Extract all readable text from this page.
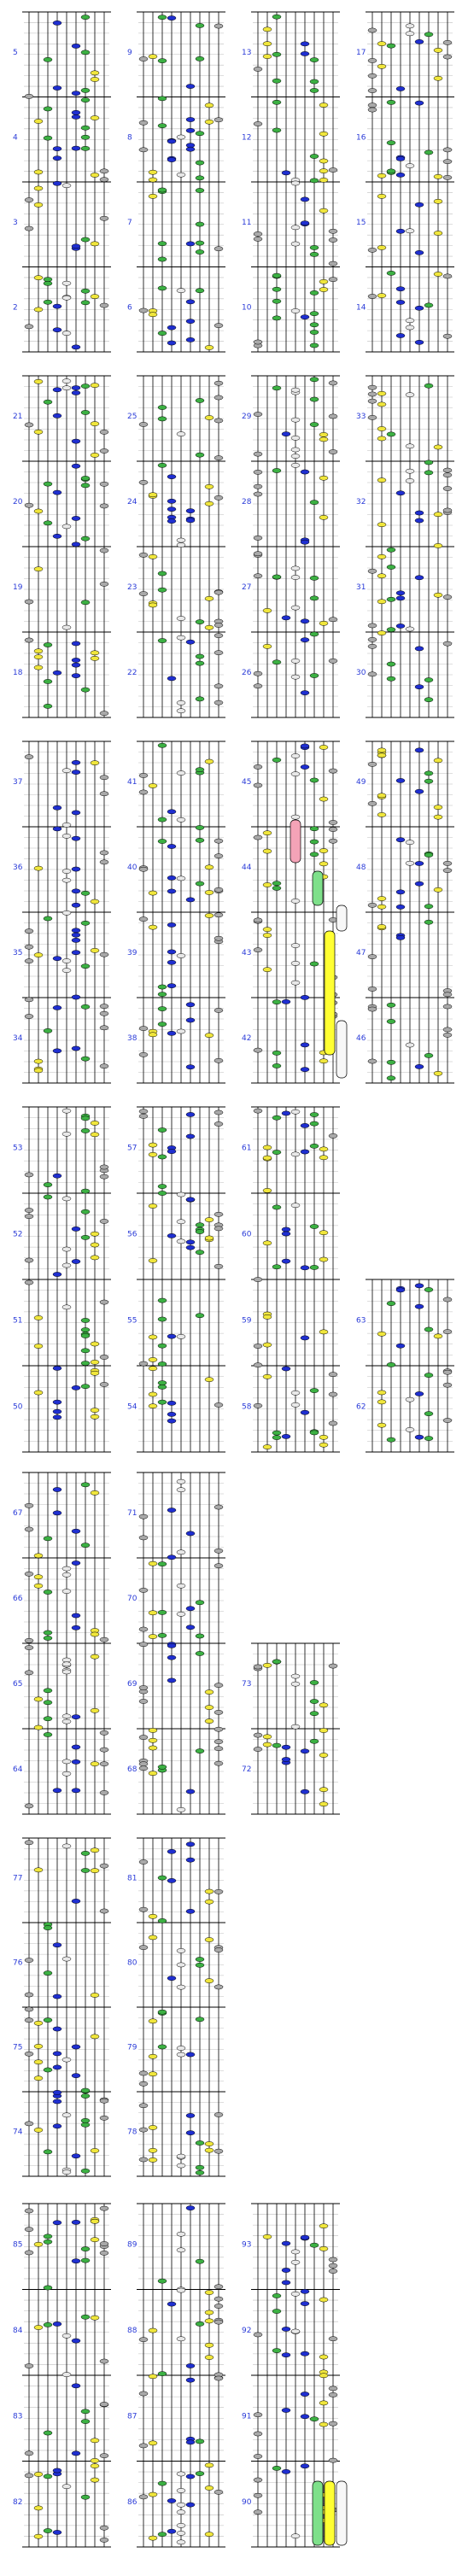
2
3
4
5
6
7
8
9
10
11
12
13
14
15
16
17
18
19
20
21
22
23
24
25
26
27
28
29
30
31
32
33
34
35
36
37
38
39
40
41
42
43
44
45
46
47
48
49
50
51
52
53
54
55
56
57
58
59
60
61
62
63
64
65
66
67
68
69
70
71
72
73
74
75
76
77
78
79
80
81
82
83
84
85
86
87
88
89
90
91
92
93
